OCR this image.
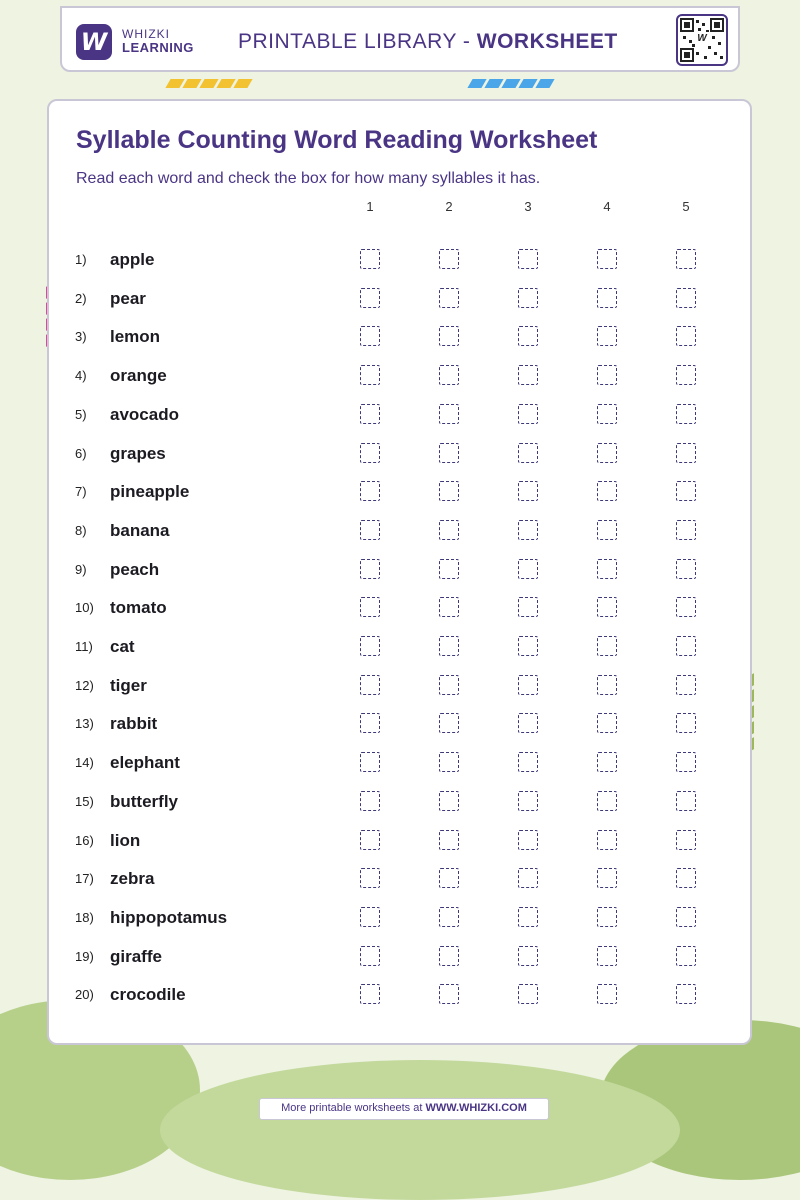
W	WHIZKI
LEARNING PRINTABLE LIBRARY - WORKSHEET	W
Syllable Counting Word Reading Worksheet
Read each word and check the box for how many syllables it has.
1	2	3	4	5
1) apple
2) pear
3) lemon
4) orange
5) avocado
6) grapes
7) pineapple
8) banana
9) peach
10) tomato
11) cat
12) tiger
13) rabbit
14) elephant
15) butterfly
16) lion
17) zebra
18) hippopotamus
19) giraffe
20) crocodile
More printable worksheets at WWW.WHIZKI.COM
